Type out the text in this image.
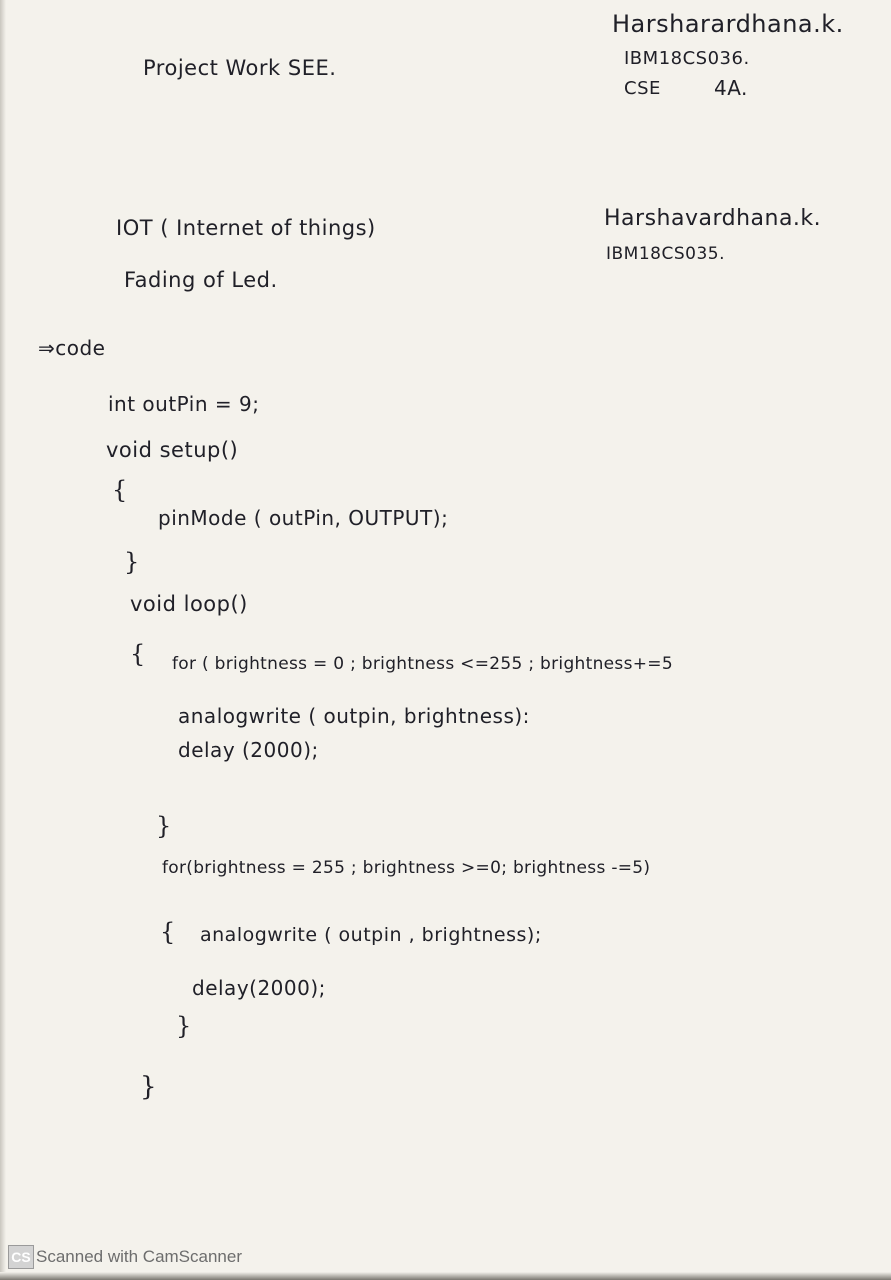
Harsharardhana.k.
IBM18CS036.
CSE	4A.
Project Work SEE.
IOT ( Internet of things)
Fading of Led.
Harshavardhana.k.
IBM18CS035.
⇒code
int outPin = 9;
void setup()
{
pinMode ( outPin, OUTPUT);
}
void loop()
{ for ( brightness = 0 ; brightness <=255 ; brightness+=5
analogwrite ( outpin, brightness):
delay (2000);
}
for(brightness = 255 ; brightness >=0; brightness -=5)
{ analogwrite ( outpin , brightness);
delay(2000);
}
}
CS Scanned with CamScanner
